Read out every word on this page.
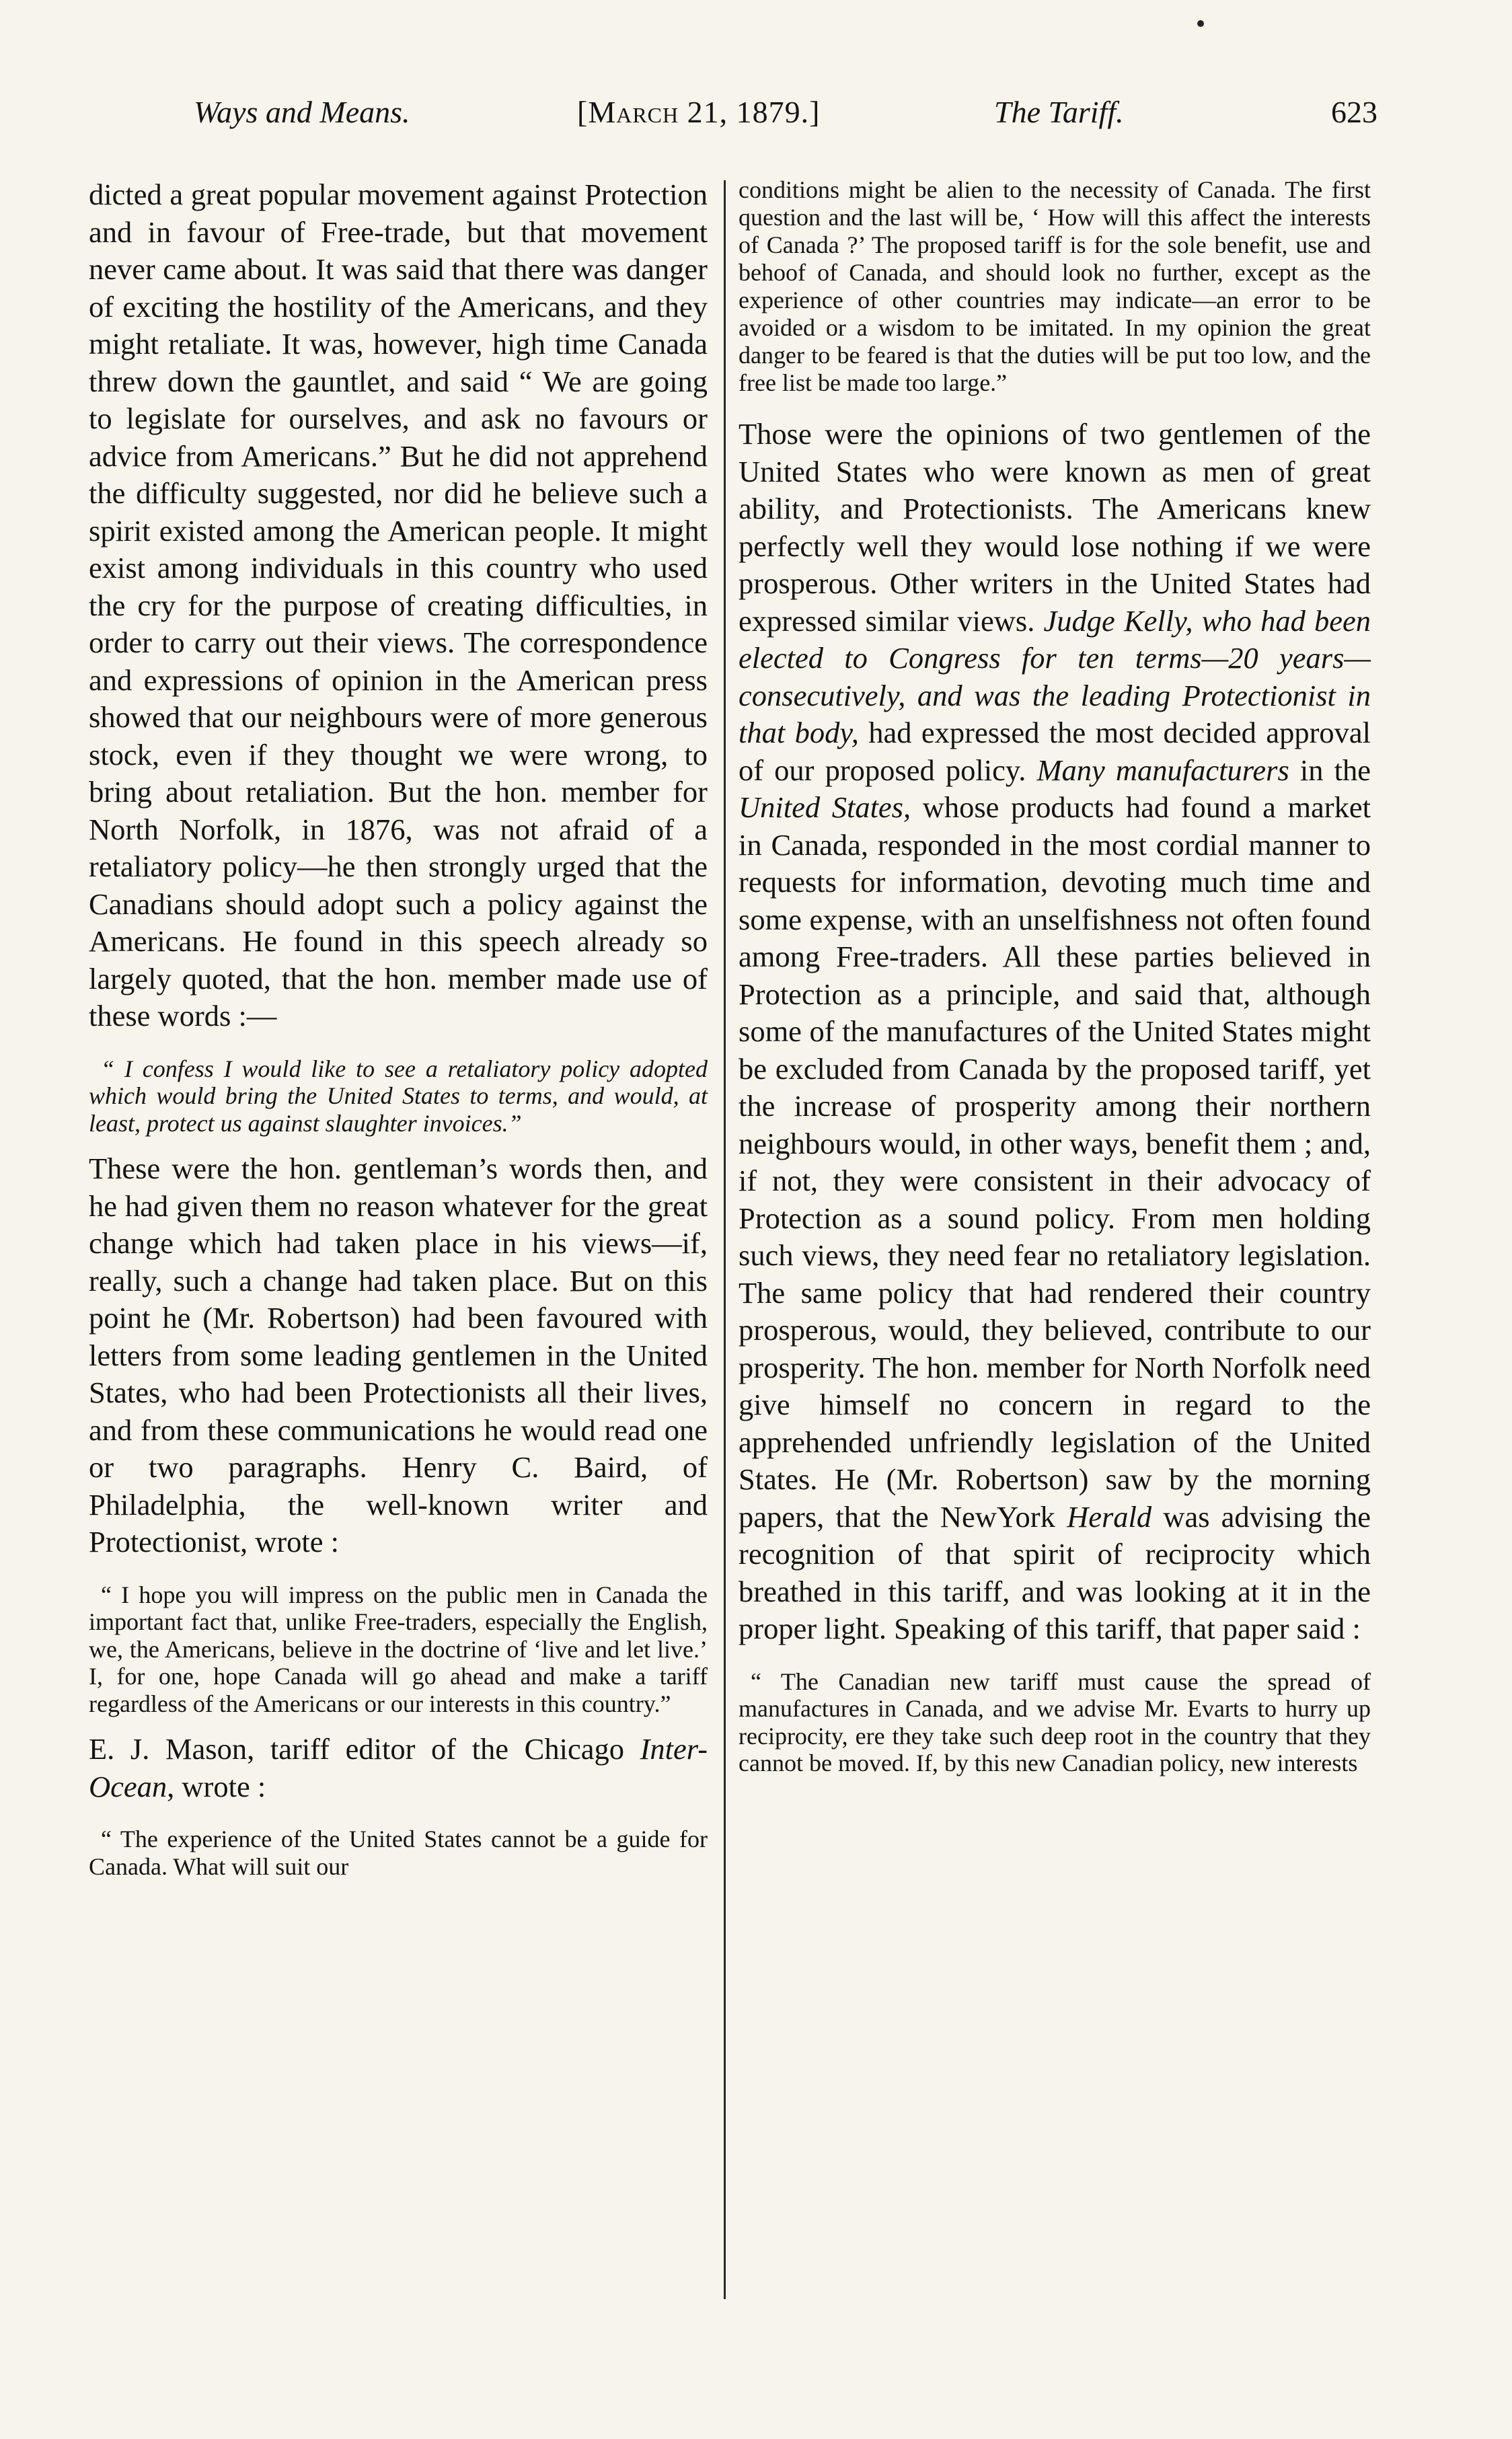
Ways and Means.	[March 21, 1879.]	The Tariff.	623

dicted a great popular movement against Protection and in favour of Free-trade, but that movement never came about. It was said that there was danger of exciting the hostility of the Americans, and they might retaliate. It was, however, high time Canada threw down the gauntlet, and said “ We are going to legislate for ourselves, and ask no favours or advice from Americans.” But he did not apprehend the difficulty suggested, nor did he believe such a spirit existed among the American people. It might exist among individuals in this country who used the cry for the purpose of creating difficulties, in order to carry out their views. The correspondence and expressions of opinion in the American press showed that our neighbours were of more generous stock, even if they thought we were wrong, to bring about retaliation. But the hon. member for North Norfolk, in 1876, was not afraid of a retaliatory policy—he then strongly urged that the Canadians should adopt such a policy against the Americans. He found in this speech already so largely quoted, that the hon. member made use of these words :—

“ I confess I would like to see a retaliatory policy adopted which would bring the United States to terms, and would, at least, protect us against slaughter invoices.”

These were the hon. gentleman’s words then, and he had given them no reason whatever for the great change which had taken place in his views—if, really, such a change had taken place. But on this point he (Mr. Robertson) had been favoured with letters from some leading gentlemen in the United States, who had been Protectionists all their lives, and from these communications he would read one or two paragraphs. Henry C. Baird, of Philadelphia, the well-known writer and Protectionist, wrote :

“ I hope you will impress on the public men in Canada the important fact that, unlike Free-traders, especially the English, we, the Americans, believe in the doctrine of ‘live and let live.’ I, for one, hope Canada will go ahead and make a tariff regardless of the Americans or our interests in this country.”

E. J. Mason, tariff editor of the Chicago Inter-Ocean, wrote :

“ The experience of the United States cannot be a guide for Canada. What will suit our

conditions might be alien to the necessity of Canada. The first question and the last will be, ‘ How will this affect the interests of Canada ?’ The proposed tariff is for the sole benefit, use and behoof of Canada, and should look no further, except as the experience of other countries may indicate—an error to be avoided or a wisdom to be imitated. In my opinion the great danger to be feared is that the duties will be put too low, and the free list be made too large.”

Those were the opinions of two gentlemen of the United States who were known as men of great ability, and Protectionists. The Americans knew perfectly well they would lose nothing if we were prosperous. Other writers in the United States had expressed similar views. Judge Kelly, who had been elected to Congress for ten terms—20 years—consecutively, and was the leading Protectionist in that body, had expressed the most decided approval of our proposed policy. Many manufacturers in the United States, whose products had found a market in Canada, responded in the most cordial manner to requests for information, devoting much time and some expense, with an unselfishness not often found among Free-traders. All these parties believed in Protection as a principle, and said that, although some of the manufactures of the United States might be excluded from Canada by the proposed tariff, yet the increase of prosperity among their northern neighbours would, in other ways, benefit them ; and, if not, they were consistent in their advocacy of Protection as a sound policy. From men holding such views, they need fear no retaliatory legislation. The same policy that had rendered their country prosperous, would, they believed, contribute to our prosperity. The hon. member for North Norfolk need give himself no concern in regard to the apprehended unfriendly legislation of the United States. He (Mr. Robertson) saw by the morning papers, that the NewYork Herald was advising the recognition of that spirit of reciprocity which breathed in this tariff, and was looking at it in the proper light. Speaking of this tariff, that paper said :

“ The Canadian new tariff must cause the spread of manufactures in Canada, and we advise Mr. Evarts to hurry up reciprocity, ere they take such deep root in the country that they cannot be moved. If, by this new Canadian policy, new interests
